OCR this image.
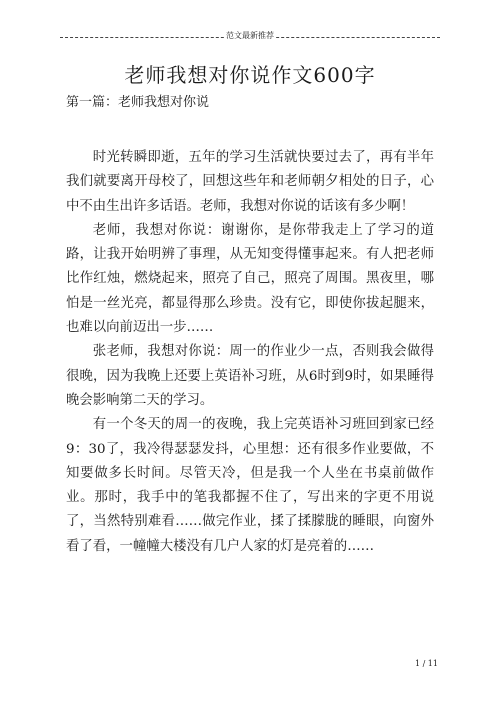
范文最新推荐
老师我想对你说作文600字
第一篇：老师我想对你说

时光转瞬即逝，五年的学习生活就快要过去了，再有半年我们就要离开母校了，回想这些年和老师朝夕相处的日子，心中不由生出许多话语。老师，我想对你说的话该有多少啊！

老师，我想对你说：谢谢你，是你带我走上了学习的道路，让我开始明辨了事理，从无知变得懂事起来。有人把老师比作红烛，燃烧起来，照亮了自己，照亮了周围。黑夜里，哪怕是一丝光亮，都显得那么珍贵。没有它，即使你拔起腿来，也难以向前迈出一步……

张老师，我想对你说：周一的作业少一点，否则我会做得很晚，因为我晚上还要上英语补习班，从6时到9时，如果睡得晚会影响第二天的学习。

有一个冬天的周一的夜晚，我上完英语补习班回到家已经9：30了，我冷得瑟瑟发抖，心里想：还有很多作业要做，不知要做多长时间。尽管天冷，但是我一个人坐在书桌前做作业。那时，我手中的笔我都握不住了，写出来的字更不用说了，当然特别难看……做完作业，揉了揉朦胧的睡眼，向窗外看了看，一幢幢大楼没有几户人家的灯是亮着的……

1 / 11
